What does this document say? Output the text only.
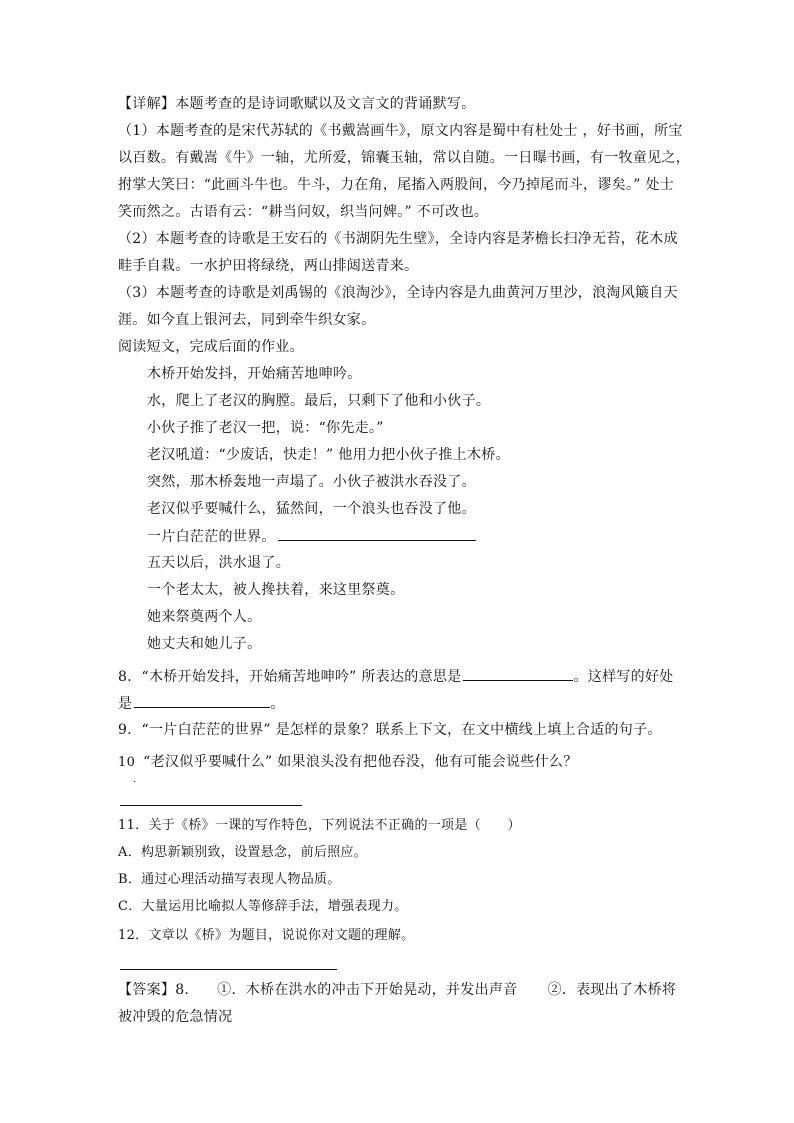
【详解】本题考查的是诗词歌赋以及文言文的背诵默写。
（1）本题考查的是宋代苏轼的《书戴嵩画牛》，原文内容是蜀中有杜处士 ，好书画，所宝
以百数。有戴嵩《牛》一轴，尤所爱，锦囊玉轴，常以自随。一日曝书画，有一牧童见之，
拊掌大笑曰：“此画斗牛也。牛斗，力在角，尾搐入两股间，今乃掉尾而斗，谬矣。” 处士
笑而然之。古语有云：“耕当问奴，织当问婢。” 不可改也。
（2）本题考查的诗歌是王安石的《书湖阴先生壁》，全诗内容是茅檐长扫净无苔，花木成
畦手自栽。一水护田将绿绕，两山排闼送青来。
（3）本题考查的诗歌是刘禹锡的《浪淘沙》，全诗内容是九曲黄河万里沙，浪淘风簸自天
涯。如今直上银河去，同到牵牛织女家。
阅读短文，完成后面的作业。
木桥开始发抖，开始痛苦地呻吟。
水，爬上了老汉的胸膛。最后，只剩下了他和小伙子。
小伙子推了老汉一把，说：“你先走。”
老汉吼道：“少废话，快走！” 他用力把小伙子推上木桥。
突然，那木桥轰地一声塌了。小伙子被洪水吞没了。
老汉似乎要喊什么，猛然间，一个浪头也吞没了他。
一片白茫茫的世界。
五天以后，洪水退了。
一个老太太，被人搀扶着，来这里祭奠。
她来祭奠两个人。
她丈夫和她儿子。
8．“木桥开始发抖，开始痛苦地呻吟” 所表达的意思是	。这样写的好处
是	。
9．“一片白茫茫的世界” 是怎样的景象？联系上下文，在文中横线上填上合适的句子。
10 “老汉似乎要喊什么” 如果浪头没有把他吞没，他有可能会说些什么？
．
11．关于《桥》一课的写作特色，下列说法不正确的一项是（　　）
A．构思新颖别致，设置悬念，前后照应。
B．通过心理活动描写表现人物品质。
C．大量运用比喻拟人等修辞手法，增强表现力。
12．文章以《桥》为题目，说说你对文题的理解。
【答案】8. ①．木桥在洪水的冲击下开始晃动，并发出声音 ②．表现出了木桥将
被冲毁的危急情况
